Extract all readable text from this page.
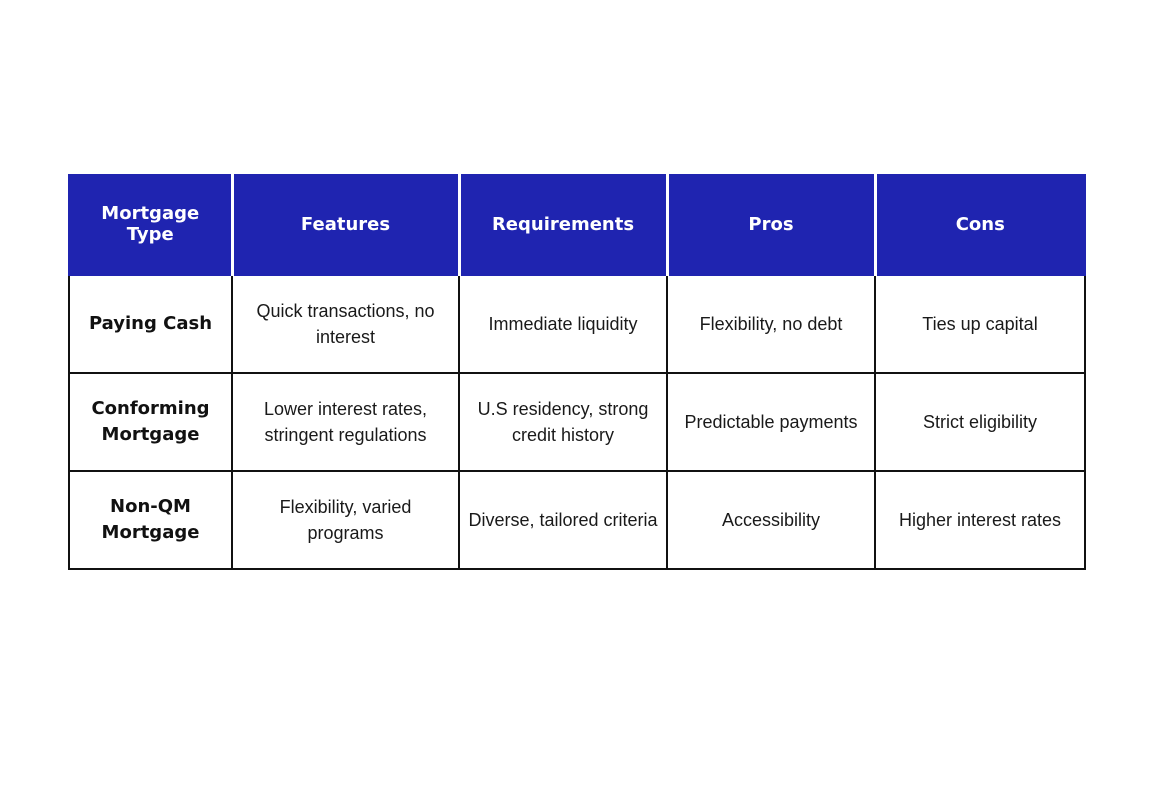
Mortgage Type	Features	Requirements	Pros	Cons
Paying Cash	Quick transactions, no interest	Immediate liquidity	Flexibility, no debt	Ties up capital
Conforming Mortgage	Lower interest rates, stringent regulations	U.S residency, strong credit history	Predictable payments	Strict eligibility
Non-QM Mortgage	Flexibility, varied programs	Diverse, tailored criteria	Accessibility	Higher interest rates
